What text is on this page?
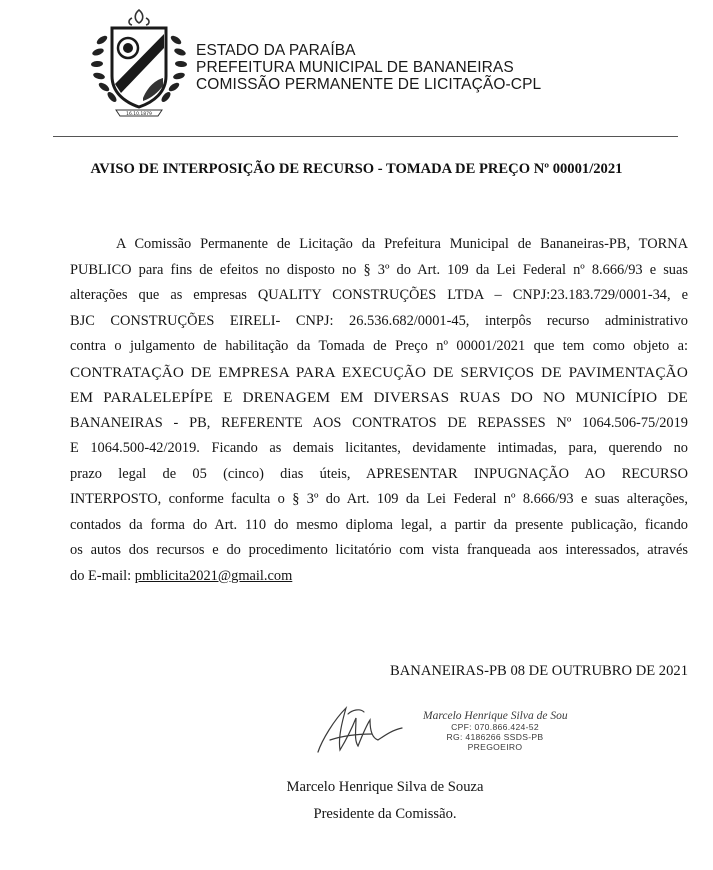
16.10.1879
ESTADO DA PARAÍBA
PREFEITURA MUNICIPAL DE BANANEIRAS
COMISSÃO PERMANENTE DE LICITAÇÃO-CPL
AVISO DE INTERPOSIÇÃO DE RECURSO - TOMADA DE PREÇO Nº 00001/2021
A Comissão Permanente de Licitação da Prefeitura Municipal de Bananeiras-PB, TORNA
PUBLICO para fins de efeitos no disposto no § 3º do Art. 109 da Lei Federal nº 8.666/93 e suas
alterações que as empresas QUALITY CONSTRUÇÕES LTDA – CNPJ:23.183.729/0001-34, e
BJC CONSTRUÇÕES EIRELI- CNPJ: 26.536.682/0001-45, interpôs recurso administrativo
contra o julgamento de habilitação da Tomada de Preço nº 00001/2021 que tem como objeto a:
CONTRATAÇÃO DE EMPRESA PARA EXECUÇÃO DE SERVIÇOS DE PAVIMENTAÇÃO
EM PARALELEPÍPE E DRENAGEM EM DIVERSAS RUAS DO NO MUNICÍPIO DE
BANANEIRAS - PB, REFERENTE AOS CONTRATOS DE REPASSES Nº 1064.506-75/2019
E 1064.500-42/2019. Ficando as demais licitantes, devidamente intimadas, para, querendo no
prazo legal de 05 (cinco) dias úteis, APRESENTAR INPUGNAÇÃO AO RECURSO
INTERPOSTO, conforme faculta o § 3º do Art. 109 da Lei Federal nº 8.666/93 e suas alterações,
contados da forma do Art. 110 do mesmo diploma legal, a partir da presente publicação, ficando
os autos dos recursos e do procedimento licitatório com vista franqueada aos interessados, através
do E-mail: pmblicita2021@gmail.com
BANANEIRAS-PB 08 DE OUTRUBRO DE 2021
Marcelo Henrique Silva de Sou
CPF: 070.866.424-52
RG: 4186266 SSDS-PB
PREGOEIRO
Marcelo Henrique Silva de Souza
Presidente da Comissão.
